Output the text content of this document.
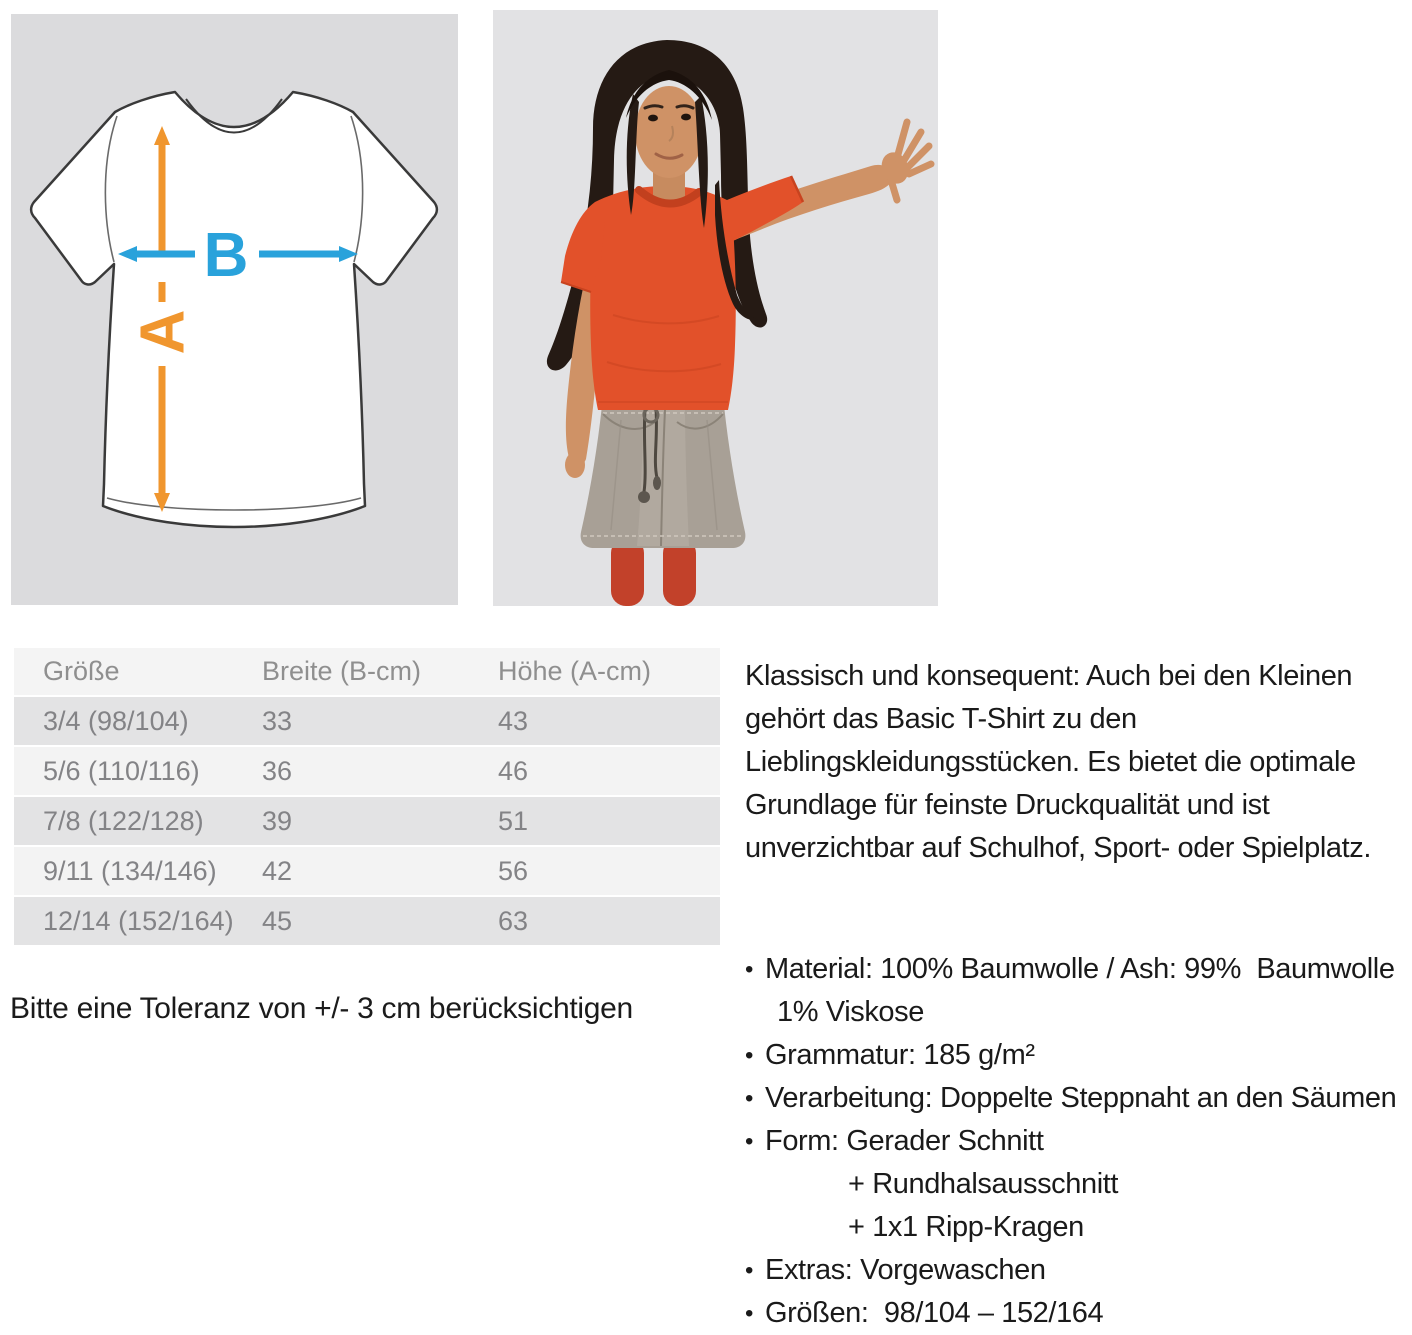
A
B
Größe	Breite (B-cm)	Höhe (A-cm)
3/4 (98/104)	33	43
5/6 (110/116)	36	46
7/8 (122/128)	39	51
9/11 (134/146)	42	56
12/14 (152/164)	45	63
Bitte eine Toleranz von +/- 3 cm berücksichtigen
Klassisch und konsequent: Auch bei den Kleinen
gehört das Basic T-Shirt zu den
Lieblingskleidungsstücken. Es bietet die optimale
Grundlage für feinste Druckqualität und ist
unverzichtbar auf Schulhof, Sport- oder Spielplatz.
• Material: 100% Baumwolle / Ash: 99%  Baumwolle
1% Viskose
• Grammatur: 185 g/m²
• Verarbeitung: Doppelte Steppnaht an den Säumen
• Form: Gerader Schnitt
+ Rundhalsausschnitt
+ 1x1 Ripp-Kragen
• Extras: Vorgewaschen
• Größen:  98/104 – 152/164
